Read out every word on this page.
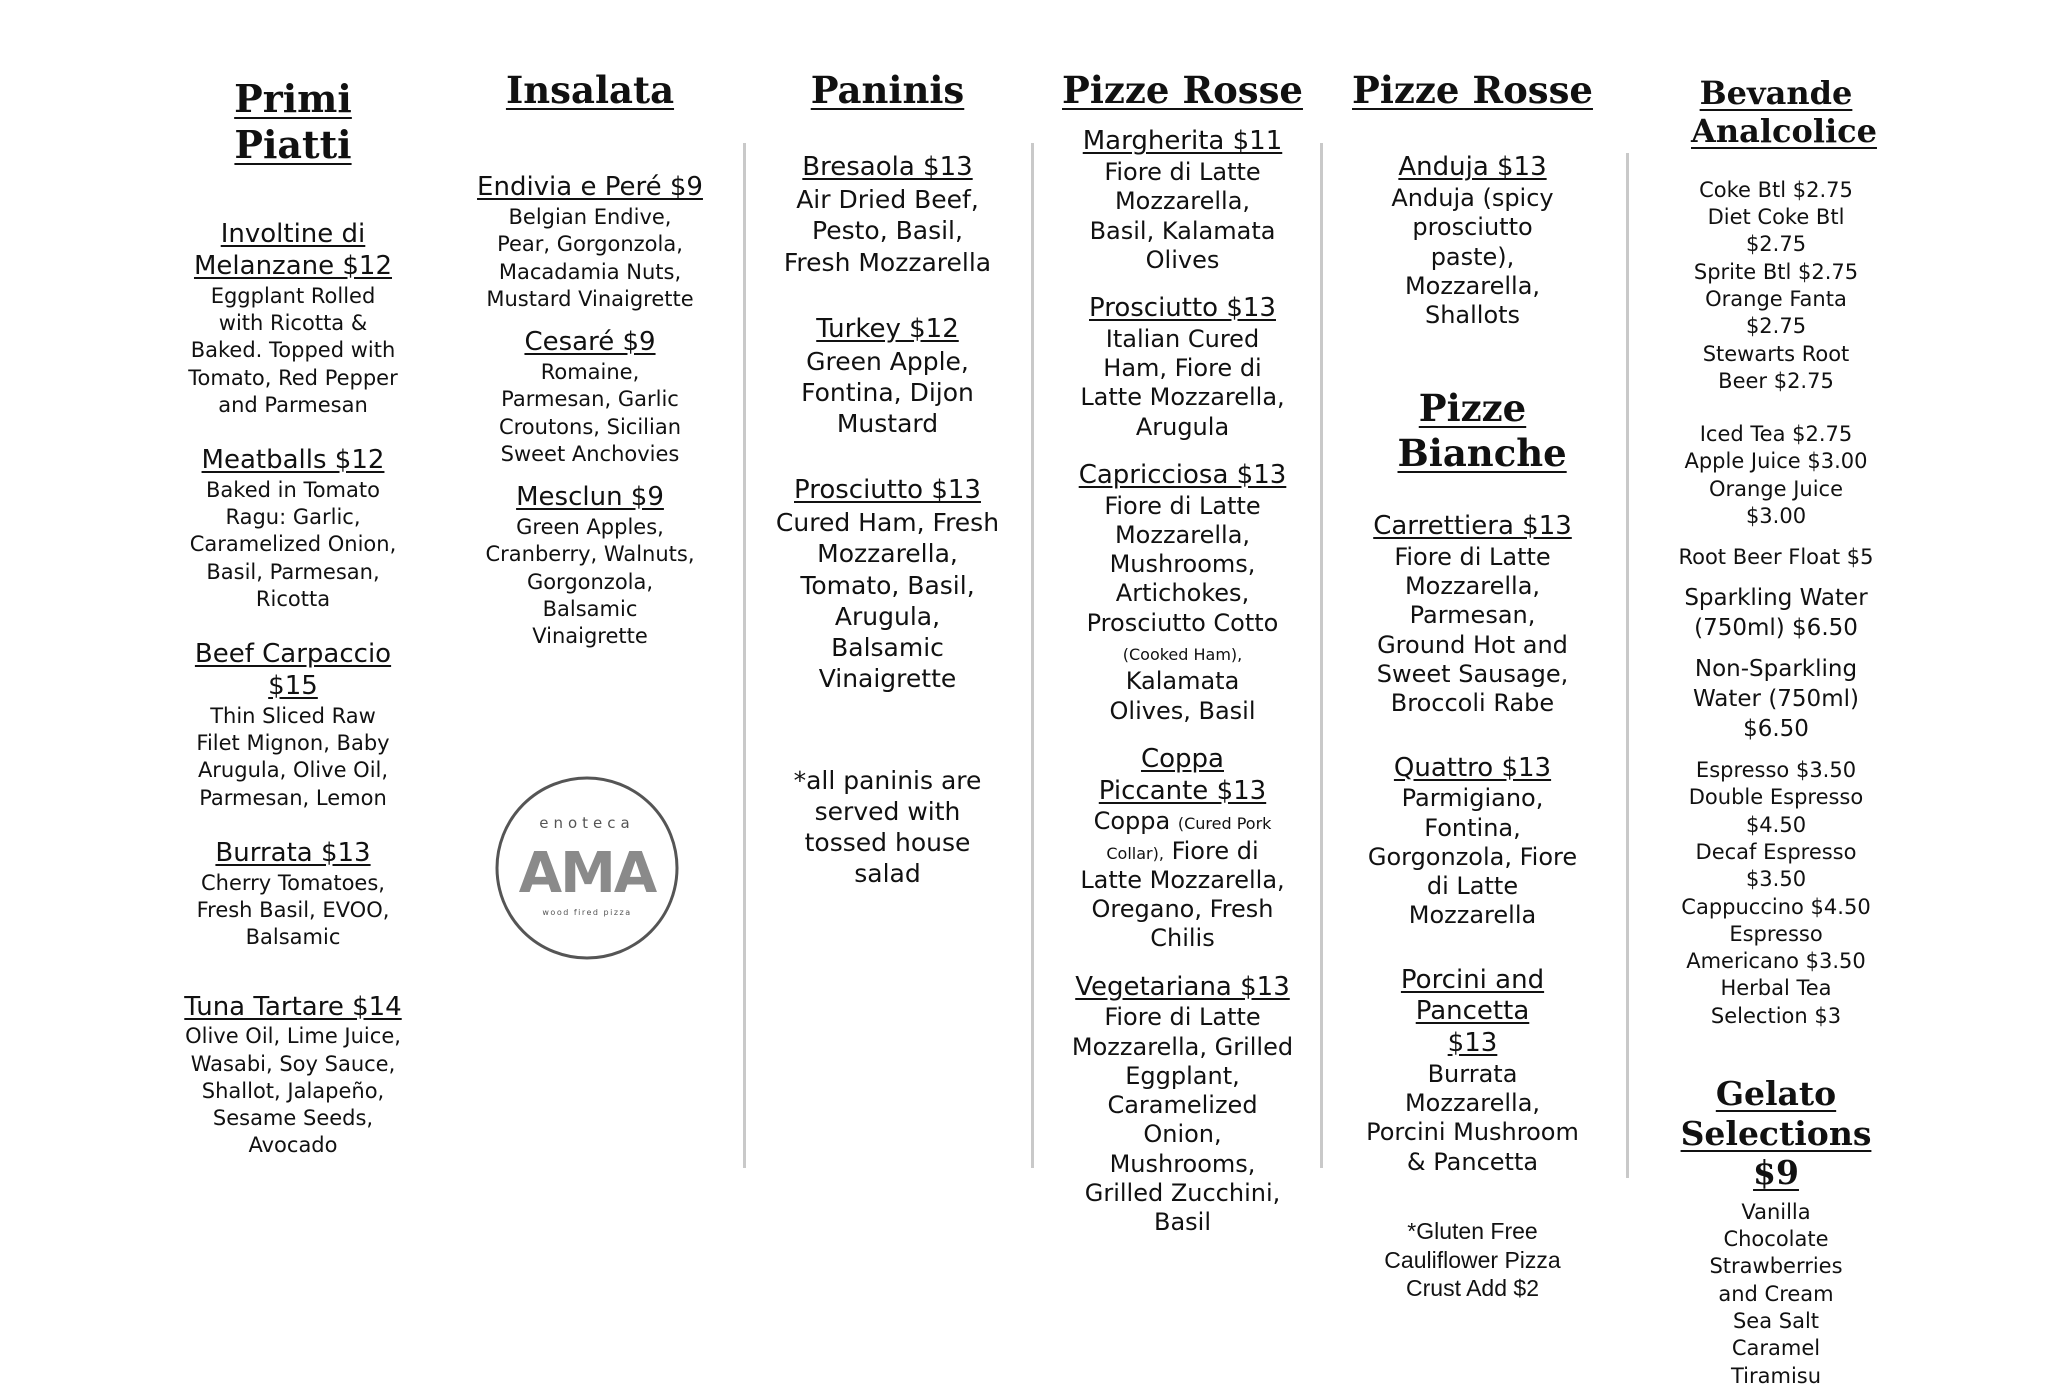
Primi Piatti
Involtine di Melanzane $12
Eggplant Rolled with Ricotta & Baked. Topped with Tomato, Red Pepper and Parmesan
Meatballs $12
Baked in Tomato Ragu: Garlic, Caramelized Onion, Basil, Parmesan, Ricotta
Beef Carpaccio $15
Thin Sliced Raw Filet Mignon, Baby Arugula, Olive Oil, Parmesan, Lemon
Burrata $13
Cherry Tomatoes, Fresh Basil, EVOO, Balsamic
Tuna Tartare $14
Olive Oil, Lime Juice, Wasabi, Soy Sauce, Shallot, Jalapeño, Sesame Seeds, Avocado
Insalata
Endivia e Peré $9
Belgian Endive, Pear, Gorgonzola, Macadamia Nuts, Mustard Vinaigrette
Cesaré $9
Romaine, Parmesan, Garlic Croutons, Sicilian Sweet Anchovies
Mesclun $9
Green Apples, Cranberry, Walnuts, Gorgonzola, Balsamic Vinaigrette
enoteca
AMA
wood fired pizza
Paninis
Bresaola $13
Air Dried Beef, Pesto, Basil, Fresh Mozzarella
Turkey $12
Green Apple, Fontina, Dijon Mustard
Prosciutto $13
Cured Ham, Fresh Mozzarella, Tomato, Basil, Arugula, Balsamic Vinaigrette
*all paninis are served with tossed house salad
Pizze Rosse
Margherita $11
Fiore di Latte Mozzarella, Basil, Kalamata Olives
Prosciutto $13
Italian Cured Ham, Fiore di Latte Mozzarella, Arugula
Capricciosa $13
Fiore di Latte Mozzarella, Mushrooms, Artichokes, Prosciutto Cotto (Cooked Ham), Kalamata Olives, Basil
Coppa Piccante $13
Coppa (Cured Pork Collar), Fiore di Latte Mozzarella, Oregano, Fresh Chilis
Vegetariana $13
Fiore di Latte Mozzarella, Grilled Eggplant, Caramelized Onion, Mushrooms, Grilled Zucchini, Basil
Pizze Rosse
Anduja $13
Anduja (spicy prosciutto paste), Mozzarella, Shallots
Pizze Bianche
Carrettiera $13
Fiore di Latte Mozzarella, Parmesan, Ground Hot and Sweet Sausage, Broccoli Rabe
Quattro $13
Parmigiano, Fontina, Gorgonzola, Fiore di Latte Mozzarella
Porcini and Pancetta $13
Burrata Mozzarella, Porcini Mushroom & Pancetta
*Gluten Free Cauliflower Pizza Crust Add $2
Bevande Analcolice
Coke Btl $2.75
Diet Coke Btl $2.75
Sprite Btl $2.75
Orange Fanta $2.75
Stewarts Root Beer $2.75
Iced Tea $2.75
Apple Juice $3.00
Orange Juice $3.00
Root Beer Float $5
Sparkling Water (750ml) $6.50
Non-Sparkling Water (750ml) $6.50
Espresso $3.50
Double Espresso $4.50
Decaf Espresso $3.50
Cappuccino $4.50
Espresso Americano $3.50
Herbal Tea Selection $3
Gelato Selections $9
Vanilla
Chocolate
Strawberries and Cream
Sea Salt Caramel
Tiramisu
